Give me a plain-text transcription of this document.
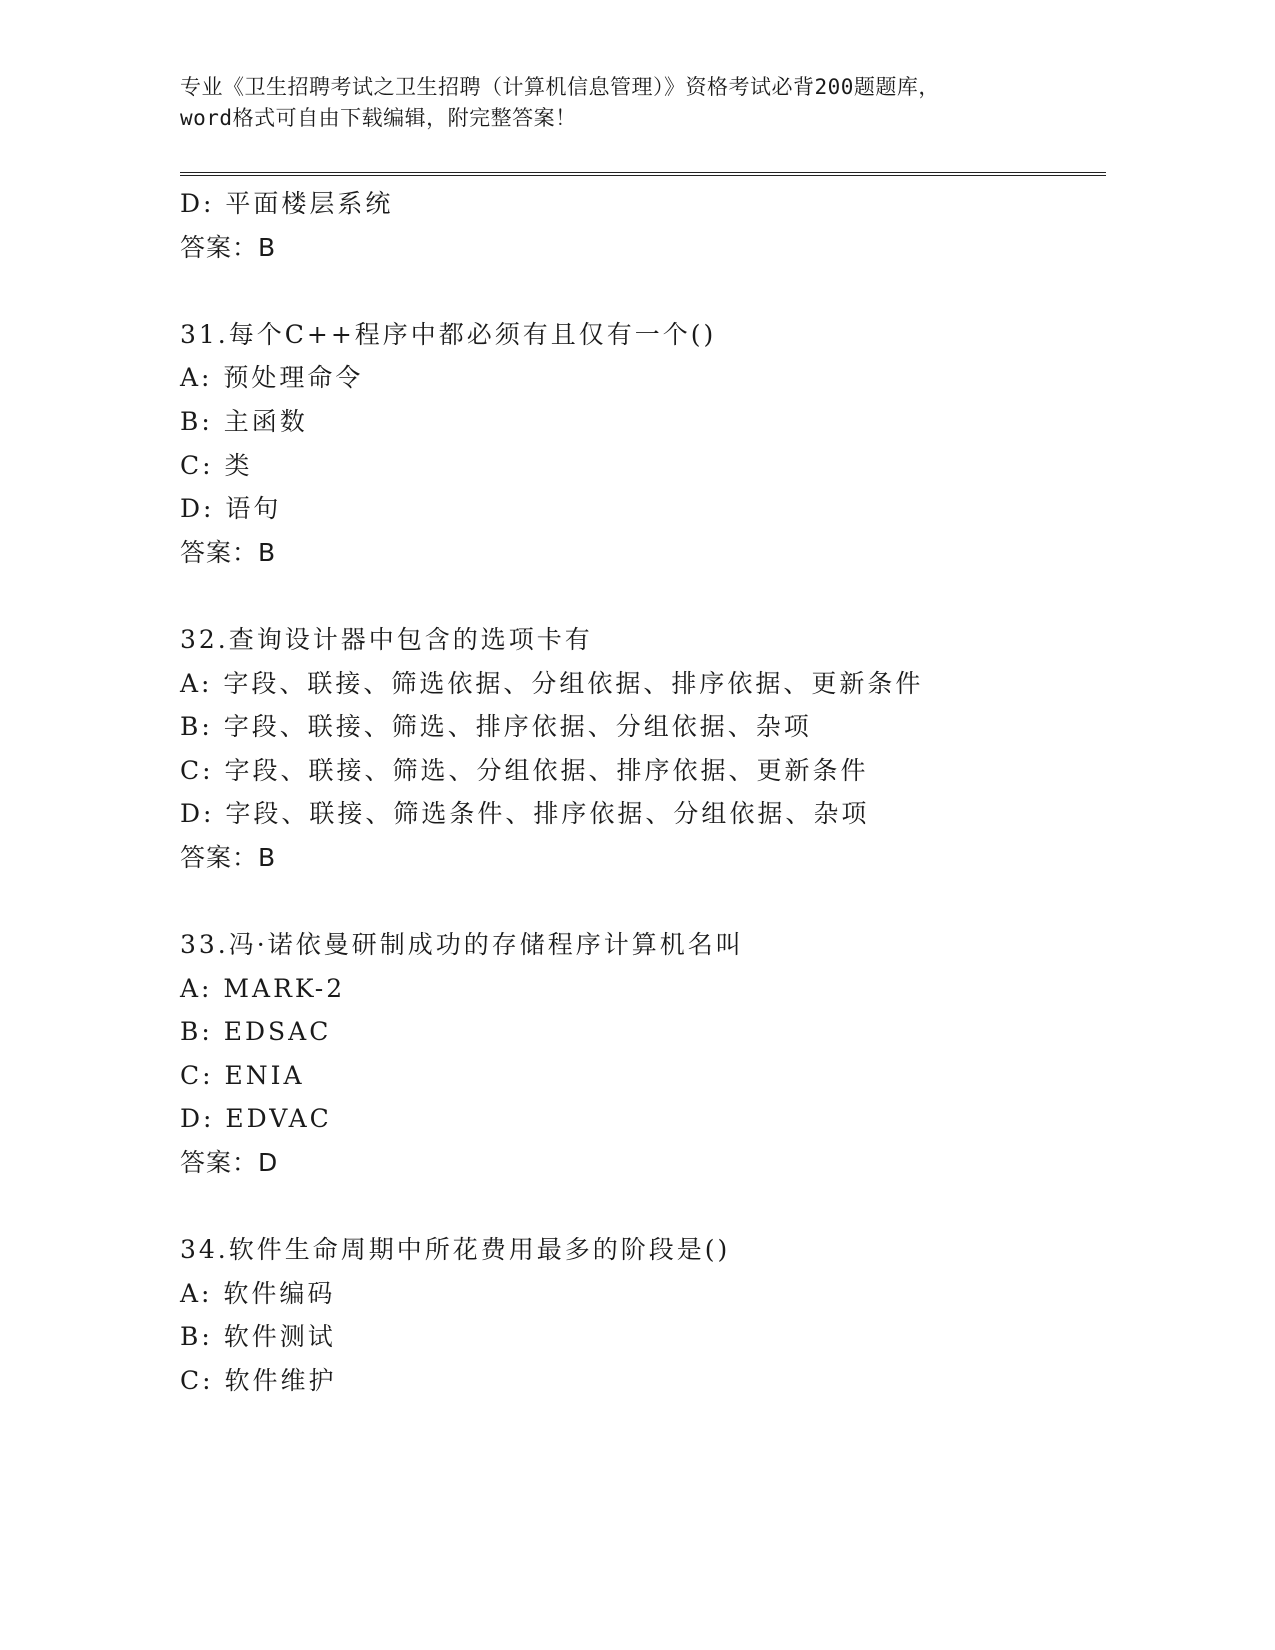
专业《卫生招聘考试之卫生招聘（计算机信息管理）》资格考试必背200题题库，
word格式可自由下载编辑，附完整答案！
D: 平面楼层系统
答案：B
31.每个C++程序中都必须有且仅有一个()
A: 预处理命令
B: 主函数
C: 类
D: 语句
答案：B
32.查询设计器中包含的选项卡有
A: 字段、联接、筛选依据、分组依据、排序依据、更新条件
B: 字段、联接、筛选、排序依据、分组依据、杂项
C: 字段、联接、筛选、分组依据、排序依据、更新条件
D: 字段、联接、筛选条件、排序依据、分组依据、杂项
答案：B
33.冯·诺依曼研制成功的存储程序计算机名叫
A: MARK-2
B: EDSAC
C: ENIA
D: EDVAC
答案：D
34.软件生命周期中所花费用最多的阶段是()
A: 软件编码
B: 软件测试
C: 软件维护
